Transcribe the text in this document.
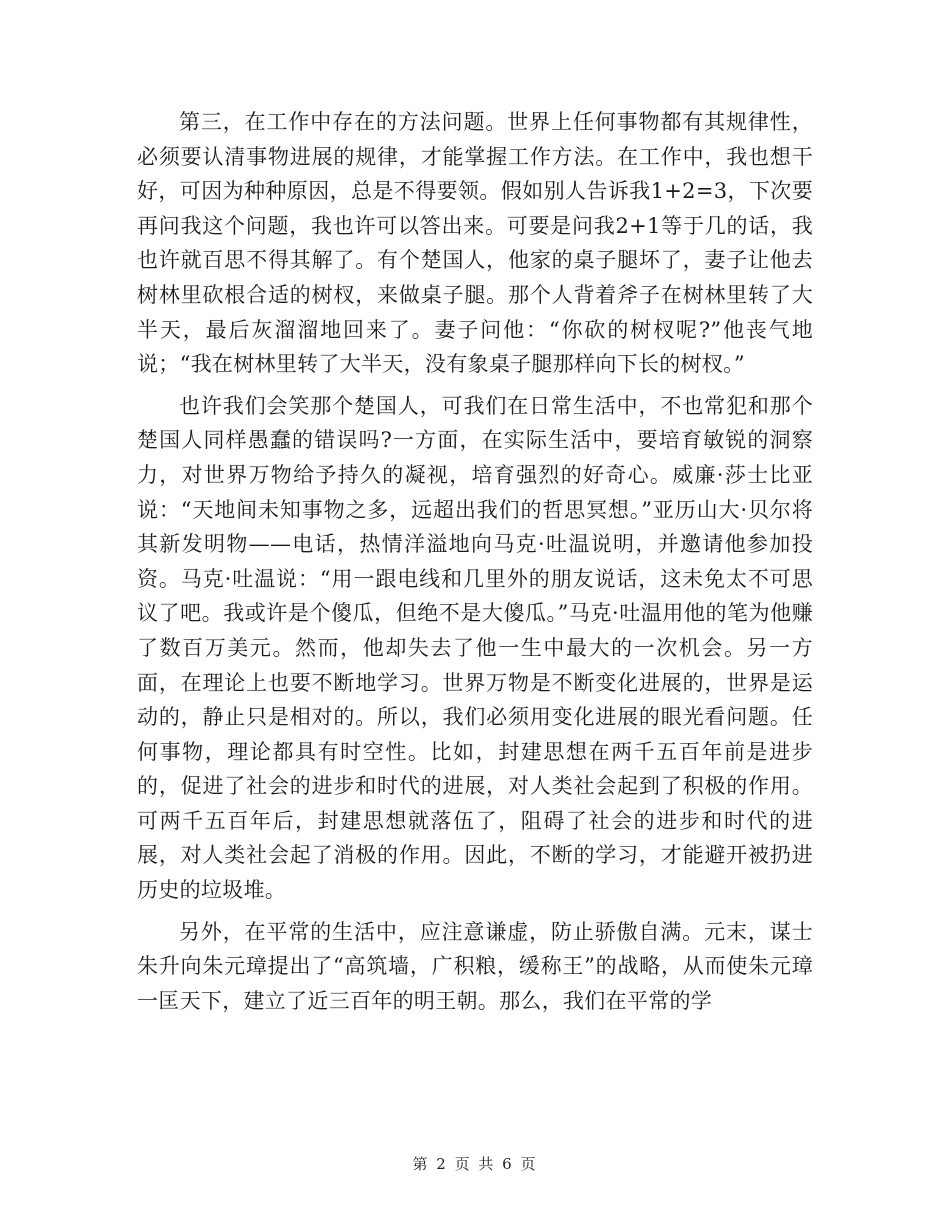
第三，在工作中存在的方法问题。世界上任何事物都有其规律性，必须要认清事物进展的规律，才能掌握工作方法。在工作中，我也想干好，可因为种种原因，总是不得要领。假如别人告诉我1+2=3，下次要再问我这个问题，我也许可以答出来。可要是问我2+1等于几的话，我也许就百思不得其解了。有个楚国人，他家的桌子腿坏了，妻子让他去树林里砍根合适的树杈，来做桌子腿。那个人背着斧子在树林里转了大半天，最后灰溜溜地回来了。妻子问他：“你砍的树杈呢?”他丧气地说；“我在树林里转了大半天，没有象桌子腿那样向下长的树杈。”

也许我们会笑那个楚国人，可我们在日常生活中，不也常犯和那个楚国人同样愚蠢的错误吗?一方面，在实际生活中，要培育敏锐的洞察力，对世界万物给予持久的凝视，培育强烈的好奇心。威廉·莎士比亚说：“天地间未知事物之多，远超出我们的哲思冥想。”亚历山大·贝尔将其新发明物——电话，热情洋溢地向马克·吐温说明，并邀请他参加投资。马克·吐温说：“用一跟电线和几里外的朋友说话，这未免太不可思议了吧。我或许是个傻瓜，但绝不是大傻瓜。”马克·吐温用他的笔为他赚了数百万美元。然而，他却失去了他一生中最大的一次机会。另一方面，在理论上也要不断地学习。世界万物是不断变化进展的，世界是运动的，静止只是相对的。所以，我们必须用变化进展的眼光看问题。任何事物，理论都具有时空性。比如，封建思想在两千五百年前是进步的，促进了社会的进步和时代的进展，对人类社会起到了积极的作用。可两千五百年后，封建思想就落伍了，阻碍了社会的进步和时代的进展，对人类社会起了消极的作用。因此，不断的学习，才能避开被扔进历史的垃圾堆。

另外，在平常的生活中，应注意谦虚，防止骄傲自满。元末，谋士朱升向朱元璋提出了“高筑墙，广积粮，缓称王”的战略，从而使朱元璋一匡天下，建立了近三百年的明王朝。那么，我们在平常的学

第 2 页 共 6 页
